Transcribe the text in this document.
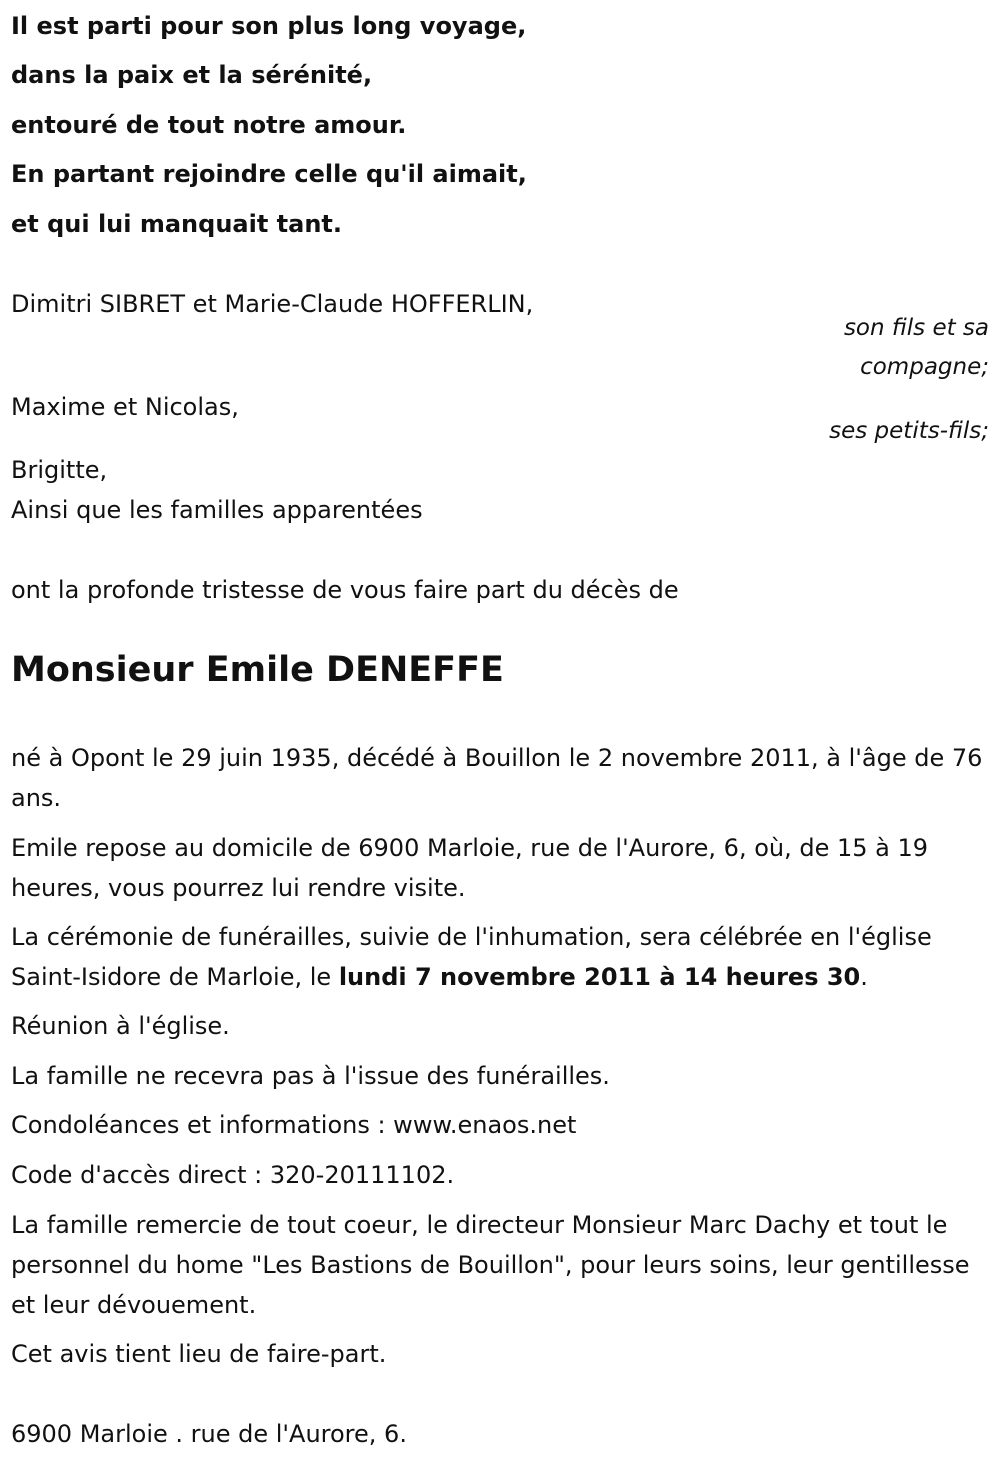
Il est parti pour son plus long voyage,

dans la paix et la sérénité,

entouré de tout notre amour.

En partant rejoindre celle qu'il aimait,

et qui lui manquait tant.

Dimitri SIBRET et Marie-Claude HOFFERLIN,

son fils et sa

compagne;

Maxime et Nicolas,

ses petits-fils;

Brigitte,

Ainsi que les familles apparentées

ont la profonde tristesse de vous faire part du décès de

Monsieur Emile DENEFFE

né à Opont le 29 juin 1935, décédé à Bouillon le 2 novembre 2011, à l'âge de 76 ans.

Emile repose au domicile de 6900 Marloie, rue de l'Aurore, 6, où, de 15 à 19 heures, vous pourrez lui rendre visite.

La cérémonie de funérailles, suivie de l'inhumation, sera célébrée en l'église Saint-Isidore de Marloie, le lundi 7 novembre 2011 à 14 heures 30.

Réunion à l'église.

La famille ne recevra pas à l'issue des funérailles.

Condoléances et informations : www.enaos.net

Code d'accès direct : 320-20111102.

La famille remercie de tout coeur, le directeur Monsieur Marc Dachy et tout le personnel du home "Les Bastions de Bouillon", pour leurs soins, leur gentillesse et leur dévouement.

Cet avis tient lieu de faire-part.

6900 Marloie . rue de l'Aurore, 6.
